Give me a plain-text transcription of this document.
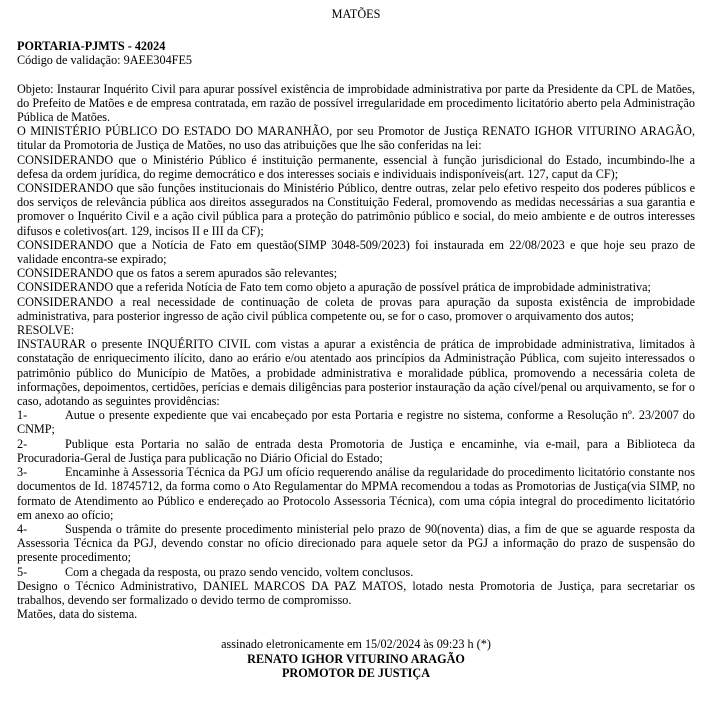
MATÕES
PORTARIA-PJMTS - 42024
Código de validação: 9AEE304FE5
Objeto: Instaurar Inquérito Civil para apurar possível existência de improbidade administrativa por parte da Presidente da CPL de Matões, do Prefeito de Matões e de empresa contratada, em razão de possível irregularidade em procedimento licitatório aberto pela Administração Pública de Matões.
O MINISTÉRIO PÚBLICO DO ESTADO DO MARANHÃO, por seu Promotor de Justiça RENATO IGHOR VITURINO ARAGÃO, titular da Promotoria de Justiça de Matões, no uso das atribuições que lhe são conferidas na lei:
CONSIDERANDO que o Ministério Público é instituição permanente, essencial à função jurisdicional do Estado, incumbindo-lhe a defesa da ordem jurídica, do regime democrático e dos interesses sociais e individuais indisponíveis(art. 127, caput da CF);
CONSIDERANDO que são funções institucionais do Ministério Público, dentre outras, zelar pelo efetivo respeito dos poderes públicos e dos serviços de relevância pública aos direitos assegurados na Constituição Federal, promovendo as medidas necessárias a sua garantia e promover o Inquérito Civil e a ação civil pública para a proteção do patrimônio público e social, do meio ambiente e de outros interesses difusos e coletivos(art. 129, incisos II e III da CF);
CONSIDERANDO que a Notícia de Fato em questão(SIMP 3048-509/2023) foi instaurada em 22/08/2023 e que hoje seu prazo de validade encontra-se expirado;
CONSIDERANDO que os fatos a serem apurados são relevantes;
CONSIDERANDO que a referida Notícia de Fato tem como objeto a apuração de possível prática de improbidade administrativa;
CONSIDERANDO a real necessidade de continuação de coleta de provas para apuração da suposta existência de improbidade administrativa, para posterior ingresso de ação civil pública competente ou, se for o caso, promover o arquivamento dos autos;
RESOLVE:
INSTAURAR o presente INQUÉRITO CIVIL com vistas a apurar a existência de prática de improbidade administrativa, limitados à constatação de enriquecimento ilícito, dano ao erário e/ou atentado aos princípios da Administração Pública, com sujeito interessados o patrimônio público do Município de Matões, a probidade administrativa e moralidade pública, promovendo a necessária coleta de informações, depoimentos, certidões, perícias e demais diligências para posterior instauração da ação cível/penal ou arquivamento, se for o caso, adotando as seguintes providências:
1-	Autue o presente expediente que vai encabeçado por esta Portaria e registre no sistema, conforme a Resolução nº. 23/2007 do CNMP;
2-	Publique esta Portaria no salão de entrada desta Promotoria de Justiça e encaminhe, via e-mail, para a Biblioteca da Procuradoria-Geral de Justiça para publicação no Diário Oficial do Estado;
3-	Encaminhe à Assessoria Técnica da PGJ um ofício requerendo análise da regularidade do procedimento licitatório constante nos documentos de Id. 18745712, da forma como o Ato Regulamentar do MPMA recomendou a todas as Promotorias de Justiça(via SIMP, no formato de Atendimento ao Público e endereçado ao Protocolo Assessoria Técnica), com uma cópia integral do procedimento licitatório em anexo ao ofício;
4-	Suspenda o trâmite do presente procedimento ministerial pelo prazo de 90(noventa) dias, a fim de que se aguarde resposta da Assessoria Técnica da PGJ, devendo constar no ofício direcionado para aquele setor da PGJ a informação do prazo de suspensão do presente procedimento;
5-	Com a chegada da resposta, ou prazo sendo vencido, voltem conclusos.
Designo o Técnico Administrativo, DANIEL MARCOS DA PAZ MATOS, lotado nesta Promotoria de Justiça, para secretariar os trabalhos, devendo ser formalizado o devido termo de compromisso.
Matões, data do sistema.
assinado eletronicamente em 15/02/2024 às 09:23 h (*)
RENATO IGHOR VITURINO ARAGÃO
PROMOTOR DE JUSTIÇA
